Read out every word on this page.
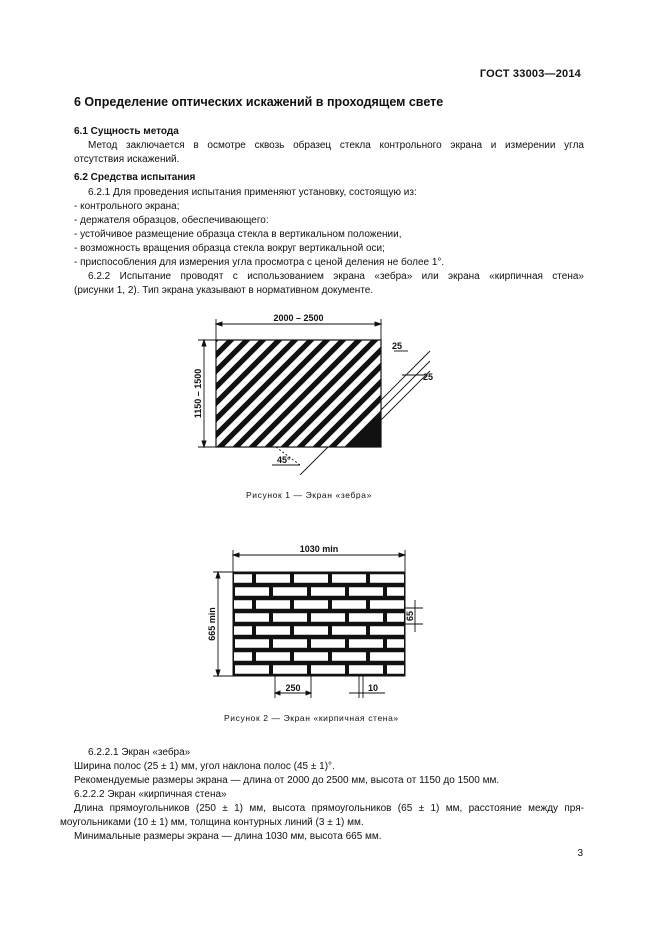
ГОСТ 33003—2014
6 Определение оптических искажений в проходящем свете
6.1 Сущность метода
Метод заключается в осмотре сквозь образец стекла контрольного экрана и измерении угла
отсутствия искажений.
6.2 Средства испытания
6.2.1 Для проведения испытания применяют установку, состоящую из:
- контрольного экрана;
- держателя образцов, обеспечивающего:
- устойчивое размещение образца стекла в вертикальном положении,
- возможность вращения образца стекла вокруг вертикальной оси;
- приспособления для измерения угла просмотра с ценой деления не более 1°.
6.2.2 Испытание проводят с использованием экрана «зебра» или экрана «кирпичная стена»
(рисунки 1, 2). Тип экрана указывают в нормативном документе.
2000 – 2500
1150 – 1500
25
25
45°
Рисунок 1 — Экран «зебра»
1030 min
665 min	65
250	10
Рисунок 2 — Экран «кирпичная стена»
6.2.2.1 Экран «зебра»
Ширина полос (25 ± 1) мм, угол наклона полос (45 ± 1)°.
Рекомендуемые размеры экрана — длина от 2000 до 2500 мм, высота от 1150 до 1500 мм.
6.2.2.2 Экран «кирпичная стена»
Длина прямоугольников (250 ± 1) мм, высота прямоугольников (65 ± 1) мм, расстояние между пря-
моугольниками (10 ± 1) мм, толщина контурных линий (3 ± 1) мм.
Минимальные размеры экрана — длина 1030 мм, высота 665 мм.
3
